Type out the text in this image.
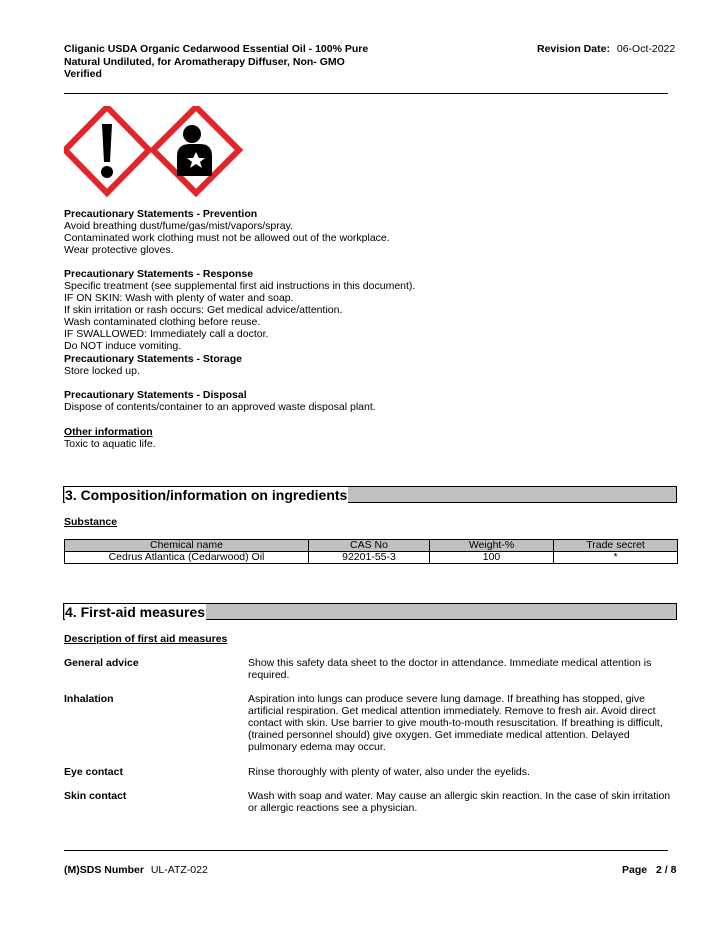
Cliganic USDA Organic Cedarwood Essential Oil - 100% Pure
Natural Undiluted, for Aromatherapy Diffuser, Non- GMO
Verified
Revision Date: 06-Oct-2022
Precautionary Statements - Prevention
Avoid breathing dust/fume/gas/mist/vapors/spray.
Contaminated work clothing must not be allowed out of the workplace.
Wear protective gloves.
Precautionary Statements - Response
Specific treatment (see supplemental first aid instructions in this document).
IF ON SKIN: Wash with plenty of water and soap.
If skin irritation or rash occurs: Get medical advice/attention.
Wash contaminated clothing before reuse.
IF SWALLOWED: Immediately call a doctor.
Do NOT induce vomiting.
Precautionary Statements - Storage
Store locked up.
Precautionary Statements - Disposal
Dispose of contents/container to an approved waste disposal plant.
Other information
Toxic to aquatic life.
3. Composition/information on ingredients
Substance
Chemical name	CAS No	Weight-%	Trade secret
Cedrus Atlantica (Cedarwood) Oil	92201-55-3	100	*
4. First-aid measures
Description of first aid measures
General advice	Show this safety data sheet to the doctor in attendance. Immediate medical attention is
required.
Inhalation	Aspiration into lungs can produce severe lung damage. If breathing has stopped, give
artificial respiration. Get medical attention immediately. Remove to fresh air. Avoid direct
contact with skin. Use barrier to give mouth-to-mouth resuscitation. If breathing is difficult,
(trained personnel should) give oxygen. Get immediate medical attention. Delayed
pulmonary edema may occur.
Eye contact	Rinse thoroughly with plenty of water, also under the eyelids.
Skin contact	Wash with soap and water. May cause an allergic skin reaction. In the case of skin irritation
or allergic reactions see a physician.
(M)SDS Number UL-ATZ-022	Page 2 / 8
